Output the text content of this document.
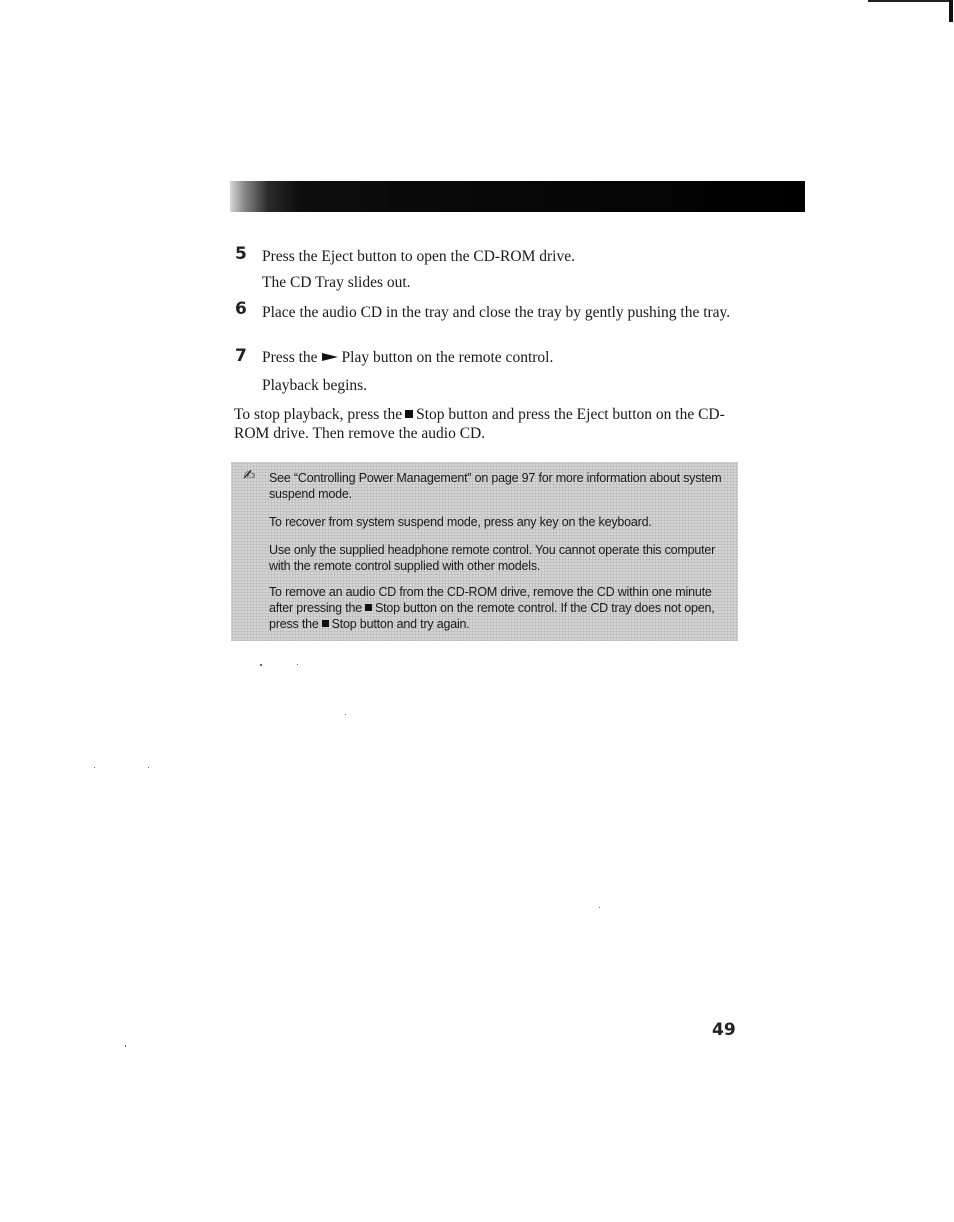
5 Press the Eject button to open the CD-ROM drive.
The CD Tray slides out.
6 Place the audio CD in the tray and close the tray by gently pushing the tray.
7 Press the Play button on the remote control.
Playback begins.
To stop playback, press the Stop button and press the Eject button on the CD-ROM drive. Then remove the audio CD.
✍ See “Controlling Power Management” on page 97 for more information about system suspend mode.
To recover from system suspend mode, press any key on the keyboard.
Use only the supplied headphone remote control. You cannot operate this computer with the remote control supplied with other models.
To remove an audio CD from the CD-ROM drive, remove the CD within one minute after pressing the Stop button on the remote control. If the CD tray does not open, press the Stop button and try again.
49
